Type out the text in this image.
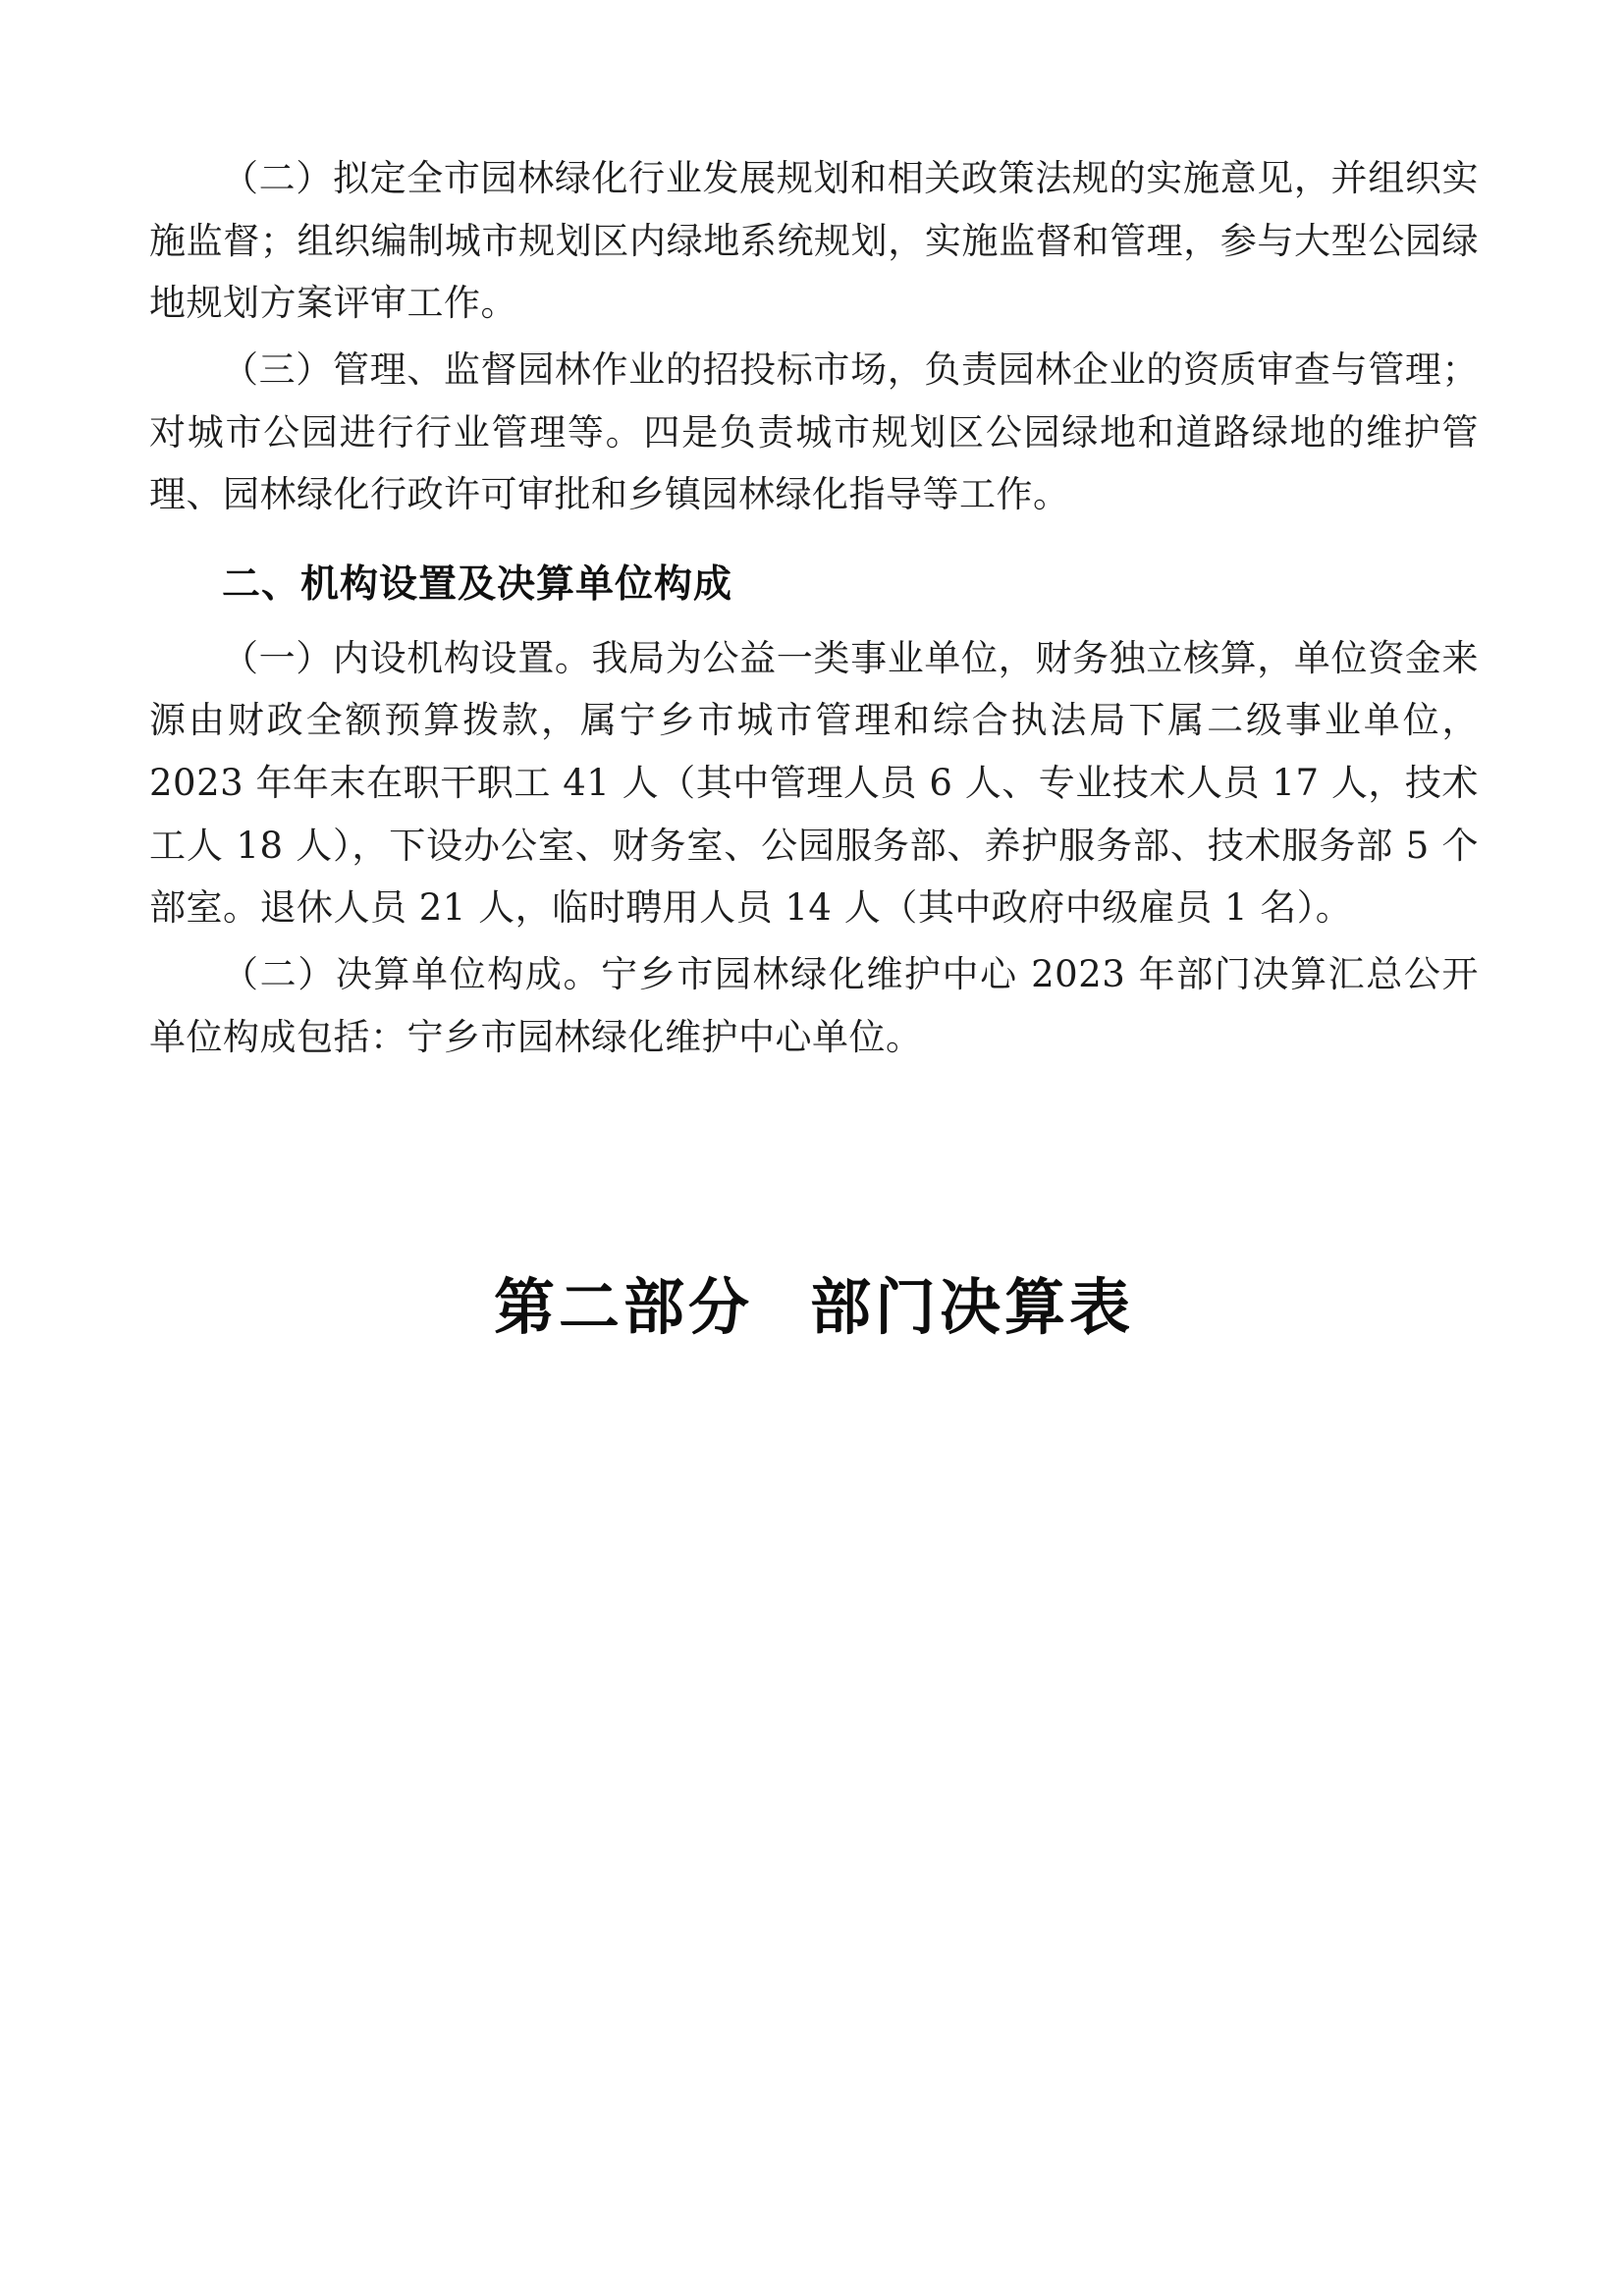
（二）拟定全市园林绿化行业发展规划和相关政策法规的实施意见，并组织实施监督；组织编制城市规划区内绿地系统规划，实施监督和管理，参与大型公园绿地规划方案评审工作。

（三）管理、监督园林作业的招投标市场，负责园林企业的资质审查与管理；对城市公园进行行业管理等。四是负责城市规划区公园绿地和道路绿地的维护管理、园林绿化行政许可审批和乡镇园林绿化指导等工作。

二、机构设置及决算单位构成

（一）内设机构设置。我局为公益一类事业单位，财务独立核算，单位资金来源由财政全额预算拨款，属宁乡市城市管理和综合执法局下属二级事业单位，2023 年年末在职干职工 41 人（其中管理人员 6 人、专业技术人员 17 人，技术工人 18 人），下设办公室、财务室、公园服务部、养护服务部、技术服务部 5 个部室。退休人员 21 人，临时聘用人员 14 人（其中政府中级雇员 1 名）。

（二）决算单位构成。宁乡市园林绿化维护中心 2023 年部门决算汇总公开单位构成包括：宁乡市园林绿化维护中心单位。

第二部分 部门决算表
